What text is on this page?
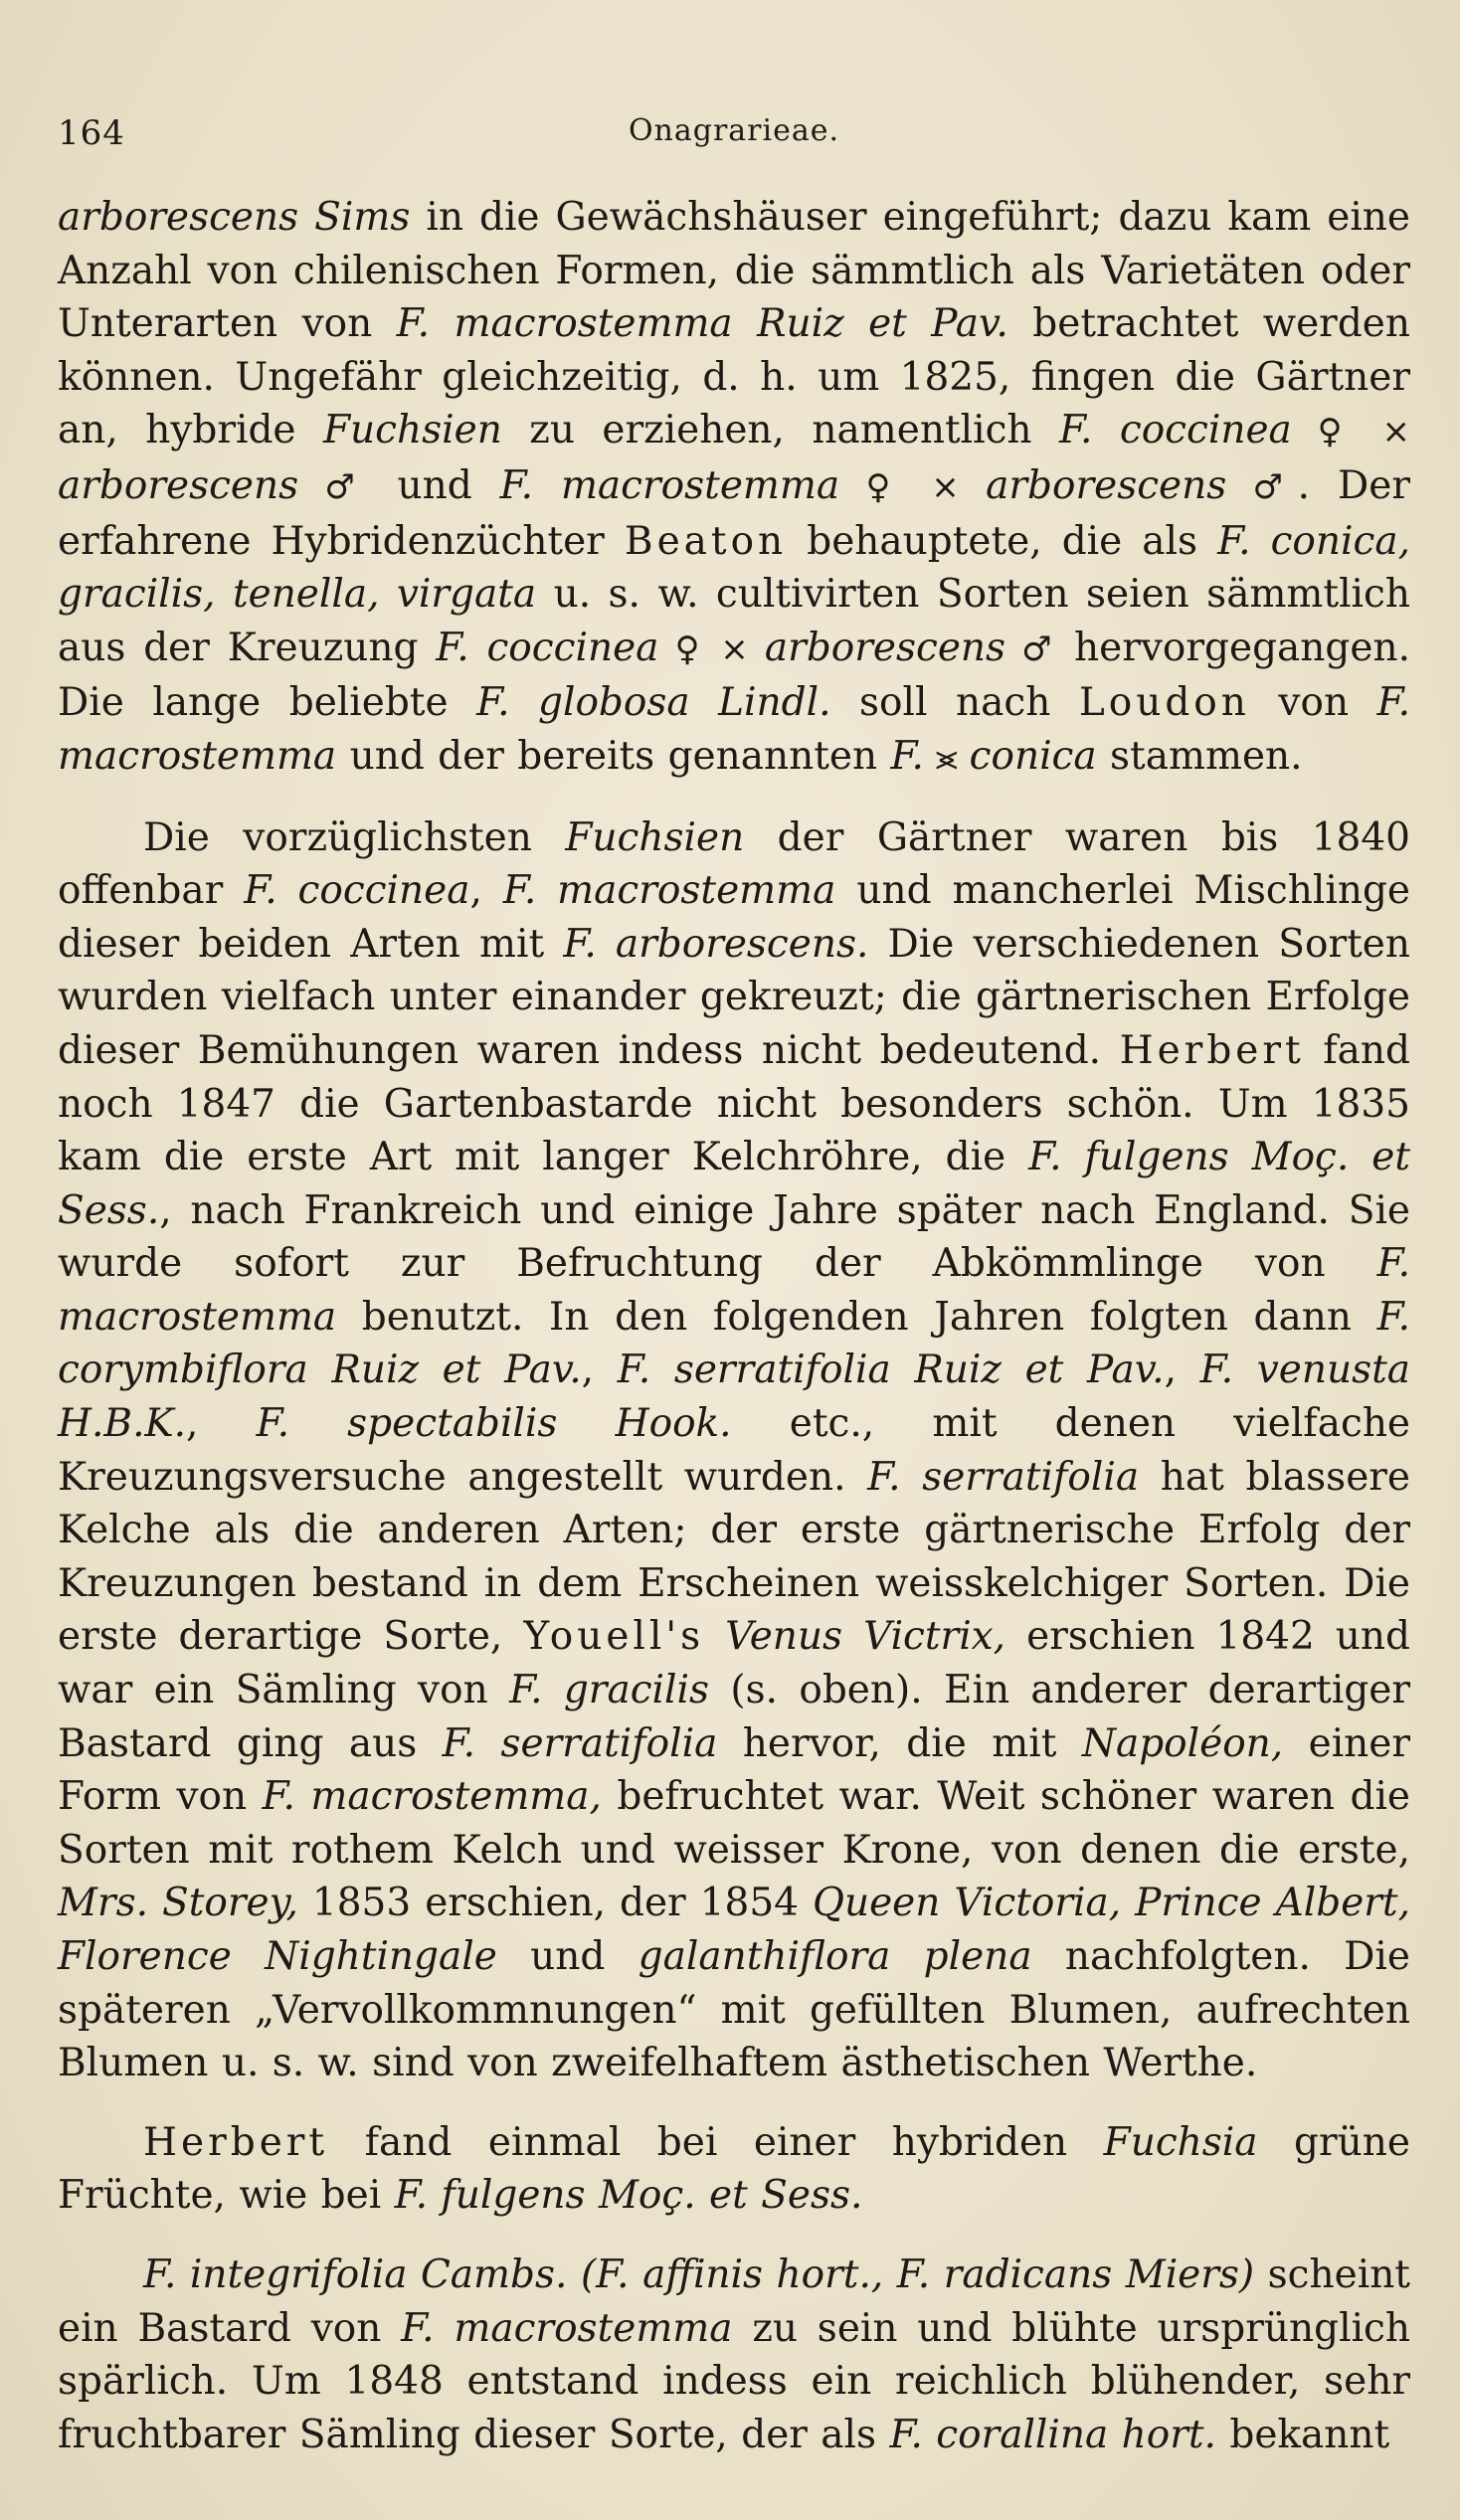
164	Onagrarieae.

arborescens Sims in die Gewächshäuser eingeführt; dazu kam eine Anzahl von chilenischen Formen, die sämmtlich als Varietäten oder Unterarten von F. macrostemma Ruiz et Pav. betrachtet werden können. Ungefähr gleichzeitig, d. h. um 1825, fingen die Gärtner an, hybride Fuchsien zu erziehen, namentlich F. coccinea ♀ × arborescens ♂ und F. macrostemma ♀ × arborescens ♂. Der erfahrene Hybridenzüchter Beaton behauptete, die als F. conica, gracilis, tenella, virgata u. s. w. cultivirten Sorten seien sämmtlich aus der Kreuzung F. coccinea ♀ × arborescens ♂ hervorgegangen. Die lange beliebte F. globosa Lindl. soll nach Loudon von F. macrostemma und der bereits genannten F. ⪤ conica stammen.

Die vorzüglichsten Fuchsien der Gärtner waren bis 1840 offenbar F. coccinea, F. macrostemma und mancherlei Mischlinge dieser beiden Arten mit F. arborescens. Die verschiedenen Sorten wurden vielfach unter einander gekreuzt; die gärtnerischen Erfolge dieser Bemühungen waren indess nicht bedeutend. Herbert fand noch 1847 die Gartenbastarde nicht besonders schön. Um 1835 kam die erste Art mit langer Kelchröhre, die F. fulgens Moç. et Sess., nach Frankreich und einige Jahre später nach England. Sie wurde sofort zur Befruchtung der Abkömmlinge von F. macrostemma benutzt. In den folgenden Jahren folgten dann F. corymbiflora Ruiz et Pav., F. serratifolia Ruiz et Pav., F. venusta H.B.K., F. spectabilis Hook. etc., mit denen vielfache Kreuzungsversuche angestellt wurden. F. serratifolia hat blassere Kelche als die anderen Arten; der erste gärtnerische Erfolg der Kreuzungen bestand in dem Erscheinen weisskelchiger Sorten. Die erste derartige Sorte, Youell's Venus Victrix, erschien 1842 und war ein Sämling von F. gracilis (s. oben). Ein anderer derartiger Bastard ging aus F. serratifolia hervor, die mit Napoléon, einer Form von F. macrostemma, befruchtet war. Weit schöner waren die Sorten mit rothem Kelch und weisser Krone, von denen die erste, Mrs. Storey, 1853 erschien, der 1854 Queen Victoria, Prince Albert, Florence Nightingale und galanthiflora plena nachfolgten. Die späteren „Vervollkommnungen“ mit gefüllten Blumen, aufrechten Blumen u. s. w. sind von zweifelhaftem ästhetischen Werthe.

Herbert fand einmal bei einer hybriden Fuchsia grüne Früchte, wie bei F. fulgens Moç. et Sess.

F. integrifolia Cambs. (F. affinis hort., F. radicans Miers) scheint ein Bastard von F. macrostemma zu sein und blühte ursprünglich spärlich. Um 1848 entstand indess ein reichlich blühender, sehr fruchtbarer Sämling dieser Sorte, der als F. corallina hort. bekannt
